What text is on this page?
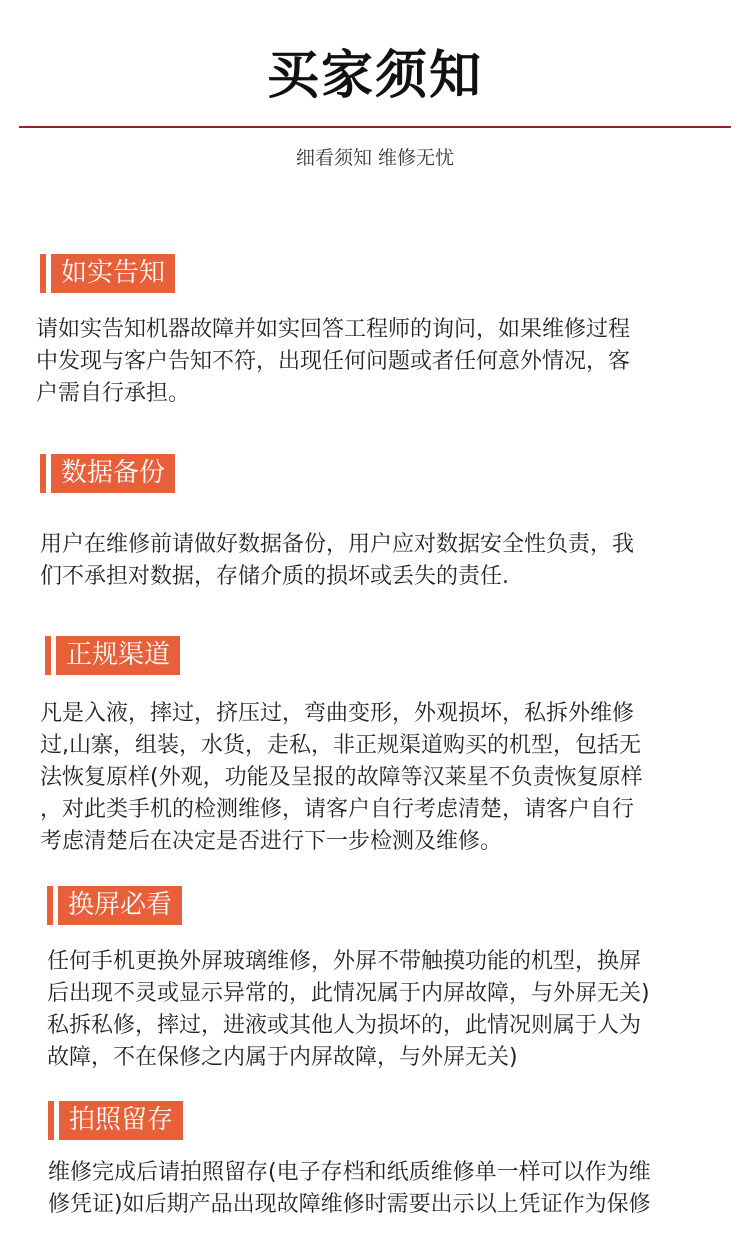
买家须知
细看须知 维修无忧
如实告知
请如实告知机器故障并如实回答工程师的询问，如果维修过程
中发现与客户告知不符，出现任何问题或者任何意外情况，客
户需自行承担。
数据备份
用户在维修前请做好数据备份，用户应对数据安全性负责，我
们不承担对数据，存储介质的损坏或丢失的责任.
正规渠道
凡是入液，摔过，挤压过，弯曲变形，外观损坏，私拆外维修
过,山寨，组装，水货，走私，非正规渠道购买的机型，包括无
法恢复原样(外观，功能及呈报的故障等汉莱星不负责恢复原样
，对此类手机的检测维修，请客户自行考虑清楚，请客户自行
考虑清楚后在决定是否进行下一步检测及维修。
换屏必看
任何手机更换外屏玻璃维修，外屏不带触摸功能的机型，换屏
后出现不灵或显示异常的，此情况属于内屏故障，与外屏无关)
私拆私修，摔过，进液或其他人为损坏的，此情况则属于人为
故障，不在保修之内属于内屏故障，与外屏无关)
拍照留存
维修完成后请拍照留存(电子存档和纸质维修单一样可以作为维
修凭证)如后期产品出现故障维修时需要出示以上凭证作为保修
